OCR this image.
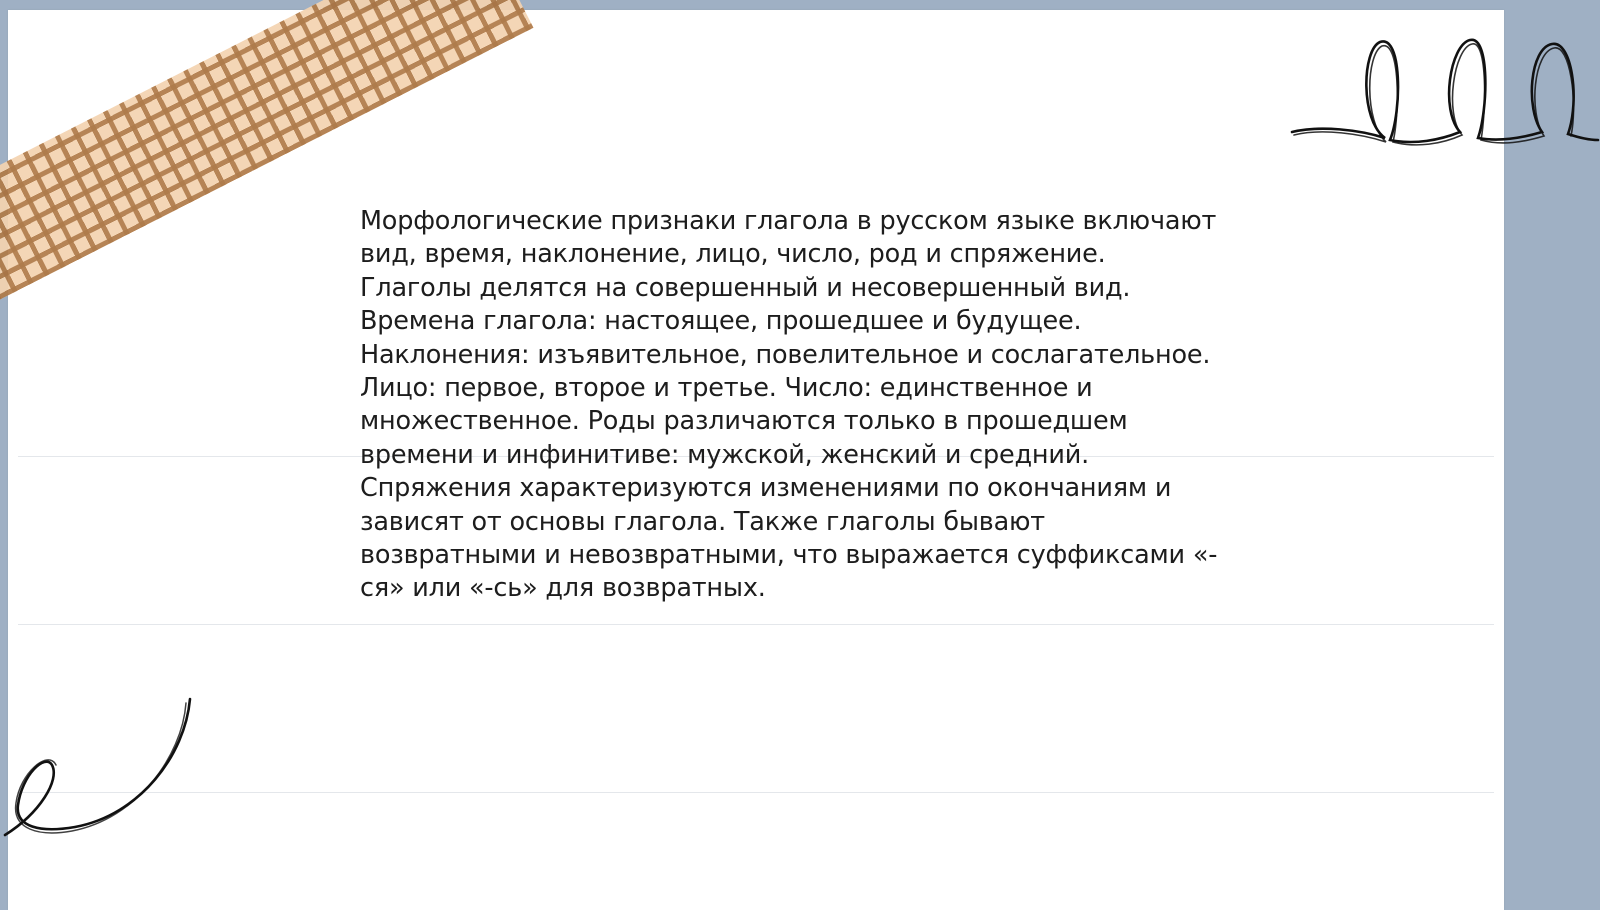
Морфологические признаки глагола в русском языке включают

вид, время, наклонение, лицо, число, род и спряжение.

Глаголы делятся на совершенный и несовершенный вид.

Времена глагола: настоящее, прошедшее и будущее.

Наклонения: изъявительное, повелительное и сослагательное.

Лицо: первое, второе и третье. Число: единственное и

множественное. Роды различаются только в прошедшем

времени и инфинитиве: мужской, женский и средний.

Спряжения характеризуются изменениями по окончаниям и

зависят от основы глагола. Также глаголы бывают

возвратными и невозвратными, что выражается суффиксами «-

ся» или «-сь» для возвратных.
